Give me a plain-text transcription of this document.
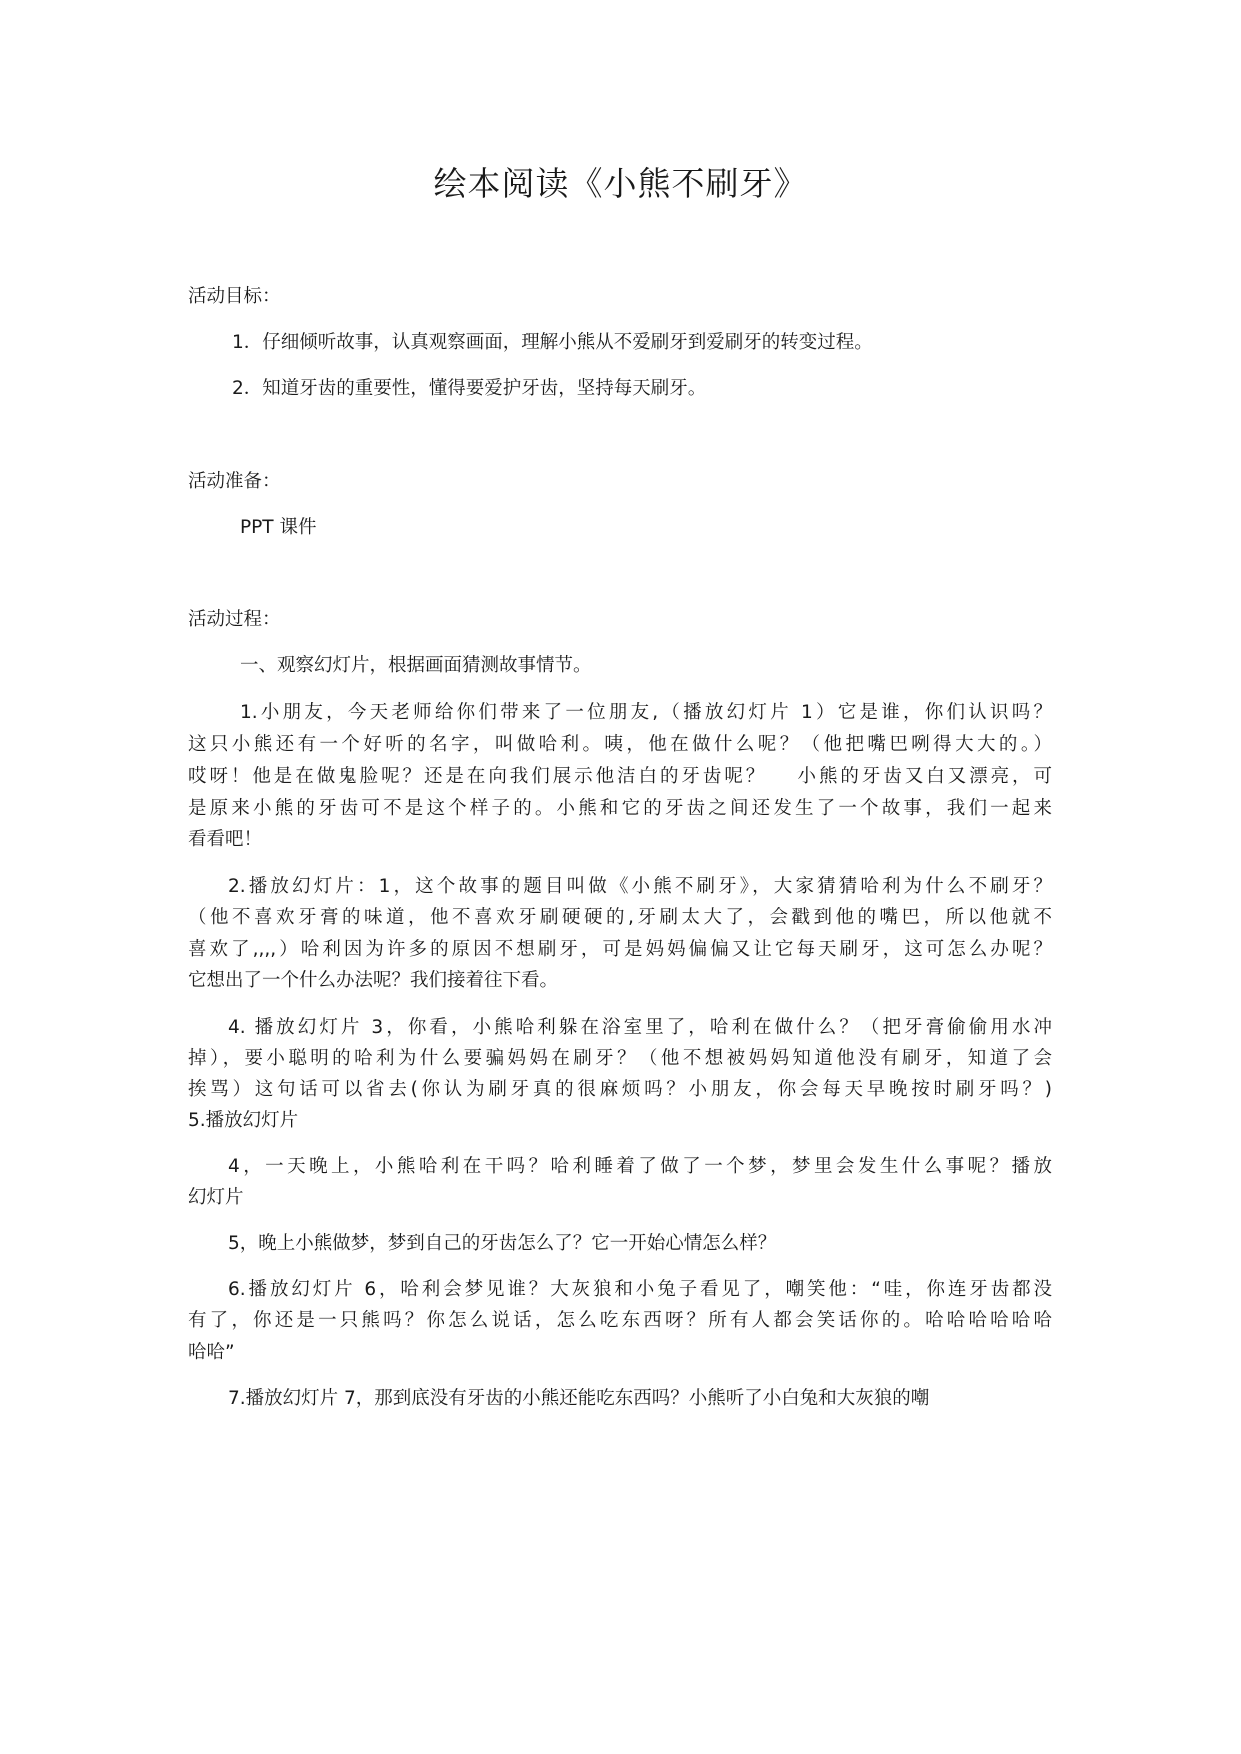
绘本阅读《小熊不刷牙》
活动目标：
1．仔细倾听故事，认真观察画面，理解小熊从不爱刷牙到爱刷牙的转变过程。
2．知道牙齿的重要性，懂得要爱护牙齿，坚持每天刷牙。
活动准备：
PPT 课件
活动过程：
一、观察幻灯片，根据画面猜测故事情节。
1.小朋友，今天老师给你们带来了一位朋友,（播放幻灯片 1）它是谁，你们认识吗？
这只小熊还有一个好听的名字，叫做哈利。咦，他在做什么呢？（他把嘴巴咧得大大的。）
哎呀！他是在做鬼脸呢？还是在向我们展示他洁白的牙齿呢？　 小熊的牙齿又白又漂亮，可
是原来小熊的牙齿可不是这个样子的。小熊和它的牙齿之间还发生了一个故事，我们一起来
看看吧！
2.播放幻灯片：1，这个故事的题目叫做《小熊不刷牙》，大家猜猜哈利为什么不刷牙？
（他不喜欢牙膏的味道，他不喜欢牙刷硬硬的,牙刷太大了，会戳到他的嘴巴，所以他就不
喜欢了,,,,）哈利因为许多的原因不想刷牙，可是妈妈偏偏又让它每天刷牙，这可怎么办呢？
它想出了一个什么办法呢？我们接着往下看。
4. 播放幻灯片 3，你看，小熊哈利躲在浴室里了，哈利在做什么？（把牙膏偷偷用水冲
掉），要小聪明的哈利为什么要骗妈妈在刷牙？（他不想被妈妈知道他没有刷牙，知道了会
挨骂）这句话可以省去(你认为刷牙真的很麻烦吗？小朋友，你会每天早晚按时刷牙吗？)
5.播放幻灯片
4，一天晚上，小熊哈利在干吗？哈利睡着了做了一个梦，梦里会发生什么事呢？播放
幻灯片
5，晚上小熊做梦，梦到自己的牙齿怎么了？它一开始心情怎么样？
6.播放幻灯片 6，哈利会梦见谁？大灰狼和小兔子看见了，嘲笑他：“哇，你连牙齿都没
有了，你还是一只熊吗？你怎么说话，怎么吃东西呀？所有人都会笑话你的。哈哈哈哈哈哈
哈哈”
7.播放幻灯片 7，那到底没有牙齿的小熊还能吃东西吗？小熊听了小白兔和大灰狼的嘲
